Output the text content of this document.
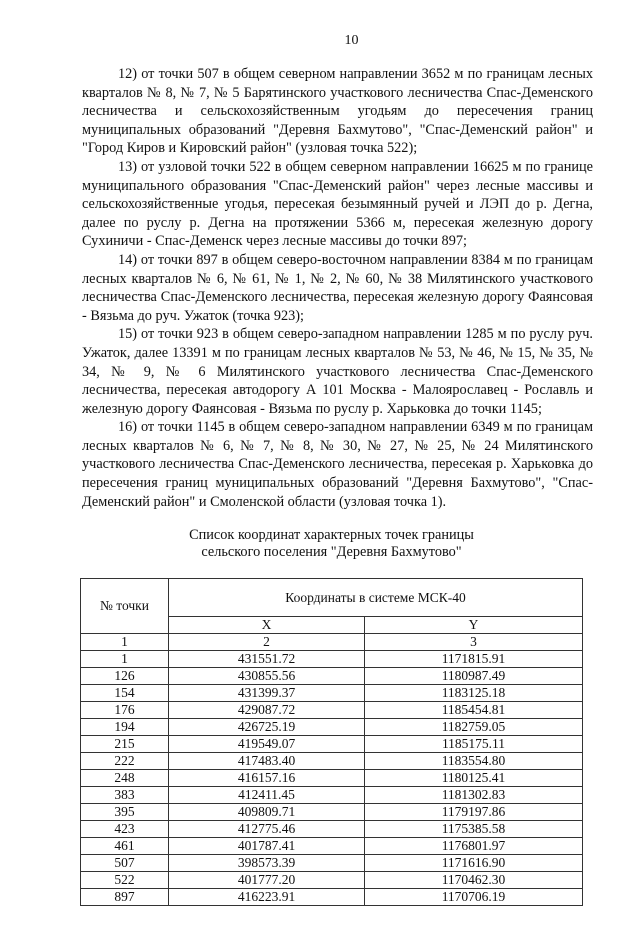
10

12) от точки 507 в общем северном направлении 3652 м по границам лесных кварталов № 8, № 7, № 5 Барятинского участкового лесничества Спас-Деменского лесничества и сельскохозяйственным угодьям до пересечения границ муниципальных образований "Деревня Бахмутово", "Спас-Деменский район" и "Город Киров и Кировский район" (узловая точка 522);

13) от узловой точки 522 в общем северном направлении 16625 м по границе муниципального образования "Спас-Деменский район" через лесные массивы и сельскохозяйственные угодья, пересекая безымянный ручей и ЛЭП до р. Дегна, далее по руслу р. Дегна на протяжении 5366 м, пересекая железную дорогу Сухиничи - Спас-Деменск через лесные массивы до точки 897;

14) от точки 897 в общем северо-восточном направлении 8384 м по границам лесных кварталов № 6, № 61, № 1, № 2, № 60, № 38 Милятинского участкового лесничества Спас-Деменского лесничества, пересекая железную дорогу Фаянсовая - Вязьма до руч. Ужаток (точка 923);

15) от точки 923 в общем северо-западном направлении 1285 м по руслу руч. Ужаток, далее 13391 м по границам лесных кварталов № 53, № 46, № 15, № 35, № 34, № 9, № 6 Милятинского участкового лесничества Спас-Деменского лесничества, пересекая автодорогу А 101 Москва - Малоярославец - Рославль и железную дорогу Фаянсовая - Вязьма по руслу р. Харьковка до точки 1145;

16) от точки 1145 в общем северо-западном направлении 6349 м по границам лесных кварталов № 6, № 7, № 8, № 30, № 27, № 25, № 24 Милятинского участкового лесничества Спас-Деменского лесничества, пересекая р. Харьковка до пересечения границ муниципальных образований "Деревня Бахмутово", "Спас-Деменский район" и Смоленской области (узловая точка 1).

Список координат характерных точек границы
сельского поселения "Деревня Бахмутово"
№ точки	Координаты в системе МСК-40	
	X	Y
1	2	3
1	431551.72	1171815.91
126	430855.56	1180987.49
154	431399.37	1183125.18
176	429087.72	1185454.81
194	426725.19	1182759.05
215	419549.07	1185175.11
222	417483.40	1183554.80
248	416157.16	1180125.41
383	412411.45	1181302.83
395	409809.71	1179197.86
423	412775.46	1175385.58
461	401787.41	1176801.97
507	398573.39	1171616.90
522	401777.20	1170462.30
897	416223.91	1170706.19
